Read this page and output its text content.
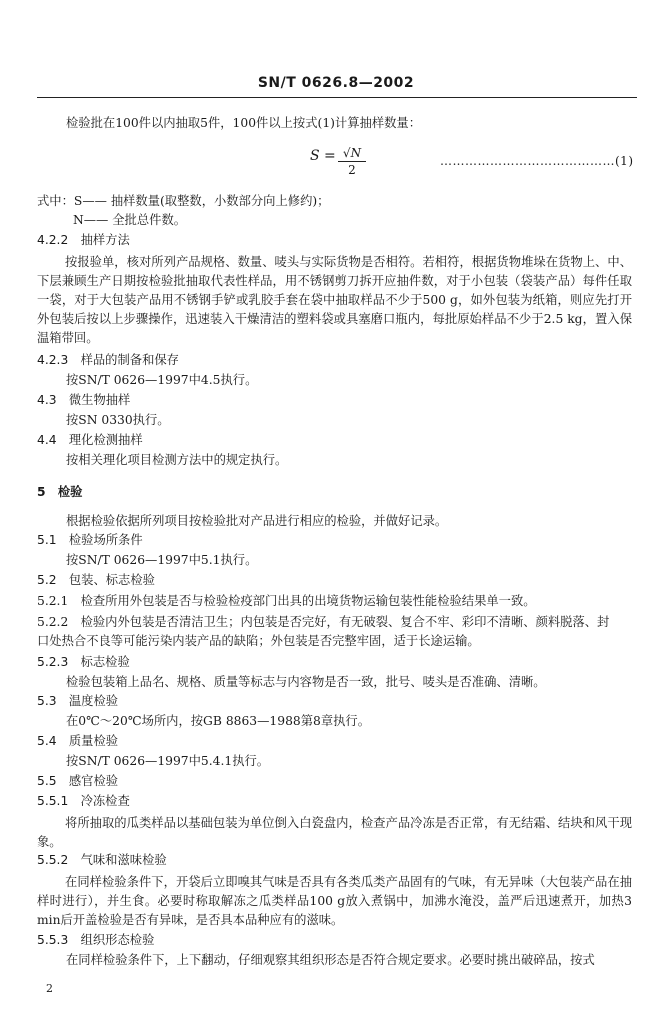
SN/T 0626.8—2002
检验批在100件以内抽取5件，100件以上按式(1)计算抽样数量：
$S = \frac{√N}{2}$	……………………………………(1)
式中：S—— 抽样数量(取整数，小数部分向上修约)；
N—— 全批总件数。
4.2.2　抽样方法
按报验单，核对所列产品规格、数量、唛头与实际货物是否相符。若相符，根据货物堆垛在货物上、中、下层兼顾生产日期按检验批抽取代表性样品，用不锈钢剪刀拆开应抽件数，对于小包装（袋装产品）每件任取一袋，对于大包装产品用不锈钢手铲或乳胶手套在袋中抽取样品不少于500 g，如外包装为纸箱，则应先打开外包装后按以上步骤操作，迅速装入干燥清洁的塑料袋或具塞磨口瓶内，每批原始样品不少于2.5 kg，置入保温箱带回。
4.2.3　样品的制备和保存
按SN/T 0626—1997中4.5执行。
4.3　微生物抽样
按SN 0330执行。
4.4　理化检测抽样
按相关理化项目检测方法中的规定执行。
5　检验
根据检验依据所列项目按检验批对产品进行相应的检验，并做好记录。
5.1　检验场所条件
按SN/T 0626—1997中5.1执行。
5.2　包装、标志检验
5.2.1　检查所用外包装是否与检验检疫部门出具的出境货物运输包装性能检验结果单一致。
5.2.2　检验内外包装是否清洁卫生；内包装是否完好，有无破裂、复合不牢、彩印不清晰、颜料脱落、封
口处热合不良等可能污染内装产品的缺陷；外包装是否完整牢固，适于长途运输。
5.2.3　标志检验
检验包装箱上品名、规格、质量等标志与内容物是否一致，批号、唛头是否准确、清晰。
5.3　温度检验
在0℃～20℃场所内，按GB 8863—1988第8章执行。
5.4　质量检验
按SN/T 0626—1997中5.4.1执行。
5.5　感官检验
5.5.1　冷冻检查
将所抽取的瓜类样品以基础包装为单位倒入白瓷盘内，检查产品冷冻是否正常，有无结霜、结块和风干现象。
5.5.2　气味和滋味检验
在同样检验条件下，开袋后立即嗅其气味是否具有各类瓜类产品固有的气味，有无异味（大包装产品在抽样时进行），并生食。必要时称取解冻之瓜类样品100 g放入煮锅中，加沸水淹没，盖严后迅速煮开，加热3 min后开盖检验是否有异味，是否具本品种应有的滋味。
5.5.3　组织形态检验
在同样检验条件下，上下翻动，仔细观察其组织形态是否符合规定要求。必要时挑出破碎品，按式
2
